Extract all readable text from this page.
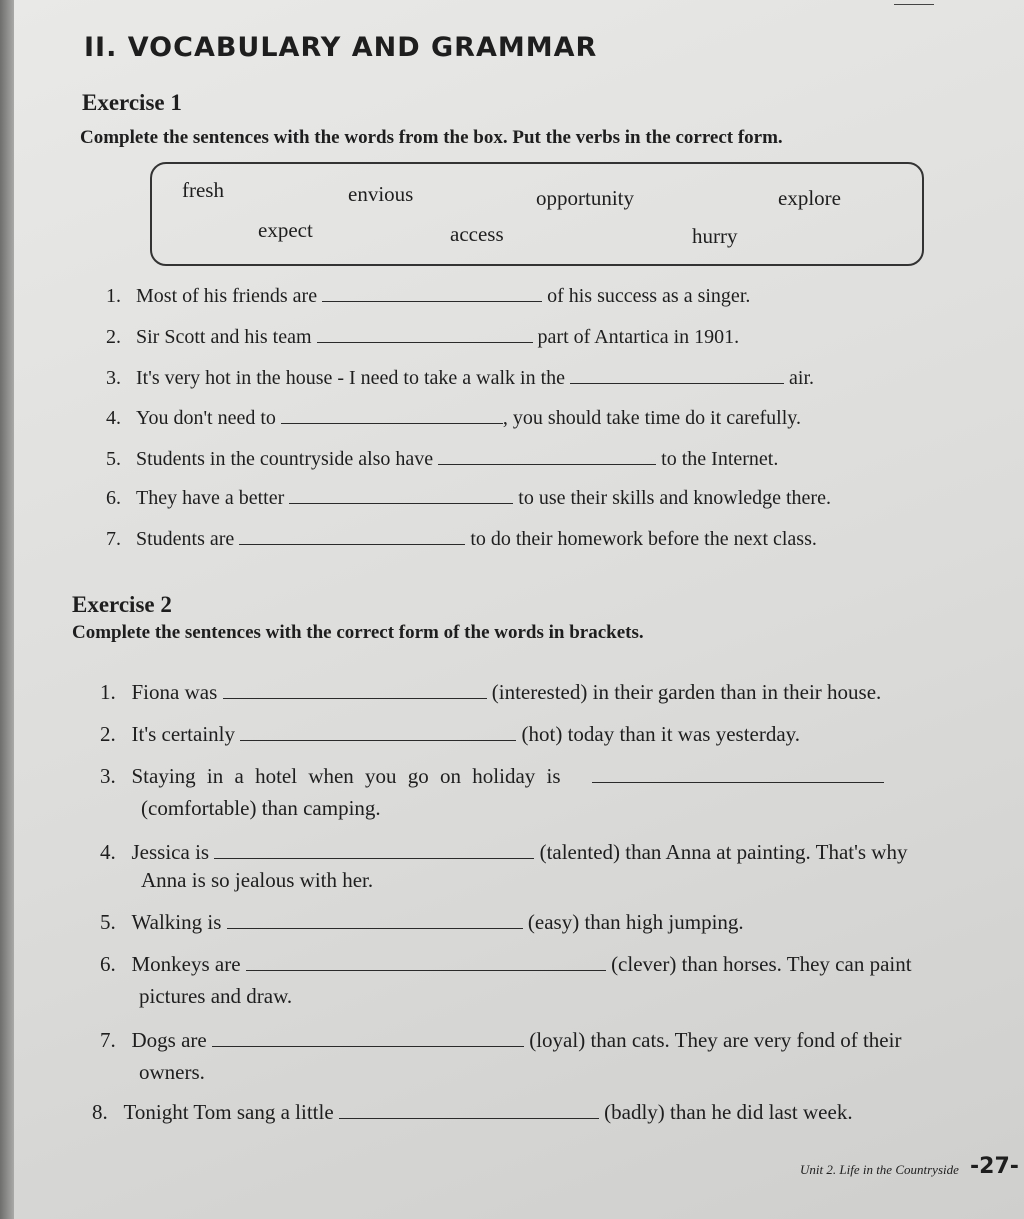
II. VOCABULARY AND GRAMMAR
Exercise 1
Complete the sentences with the words from the box. Put the verbs in the correct form.
fresh	envious	opportunity	explore
expect	access	hurry
1. Most of his friends are	of his success as a singer.
2. Sir Scott and his team	part of Antartica in 1901.
3. It's very hot in the house - I need to take a walk in the	air.
4. You don't need to	, you should take time do it carefully.
5. Students in the countryside also have	to the Internet.
6. They have a better	to use their skills and knowledge there.
7. Students are	to do their homework before the next class.
Exercise 2
Complete the sentences with the correct form of the words in brackets.
1. Fiona was	(interested) in their garden than in their house.
2. It's certainly	(hot) today than it was yesterday.
3. Staying in a hotel when you go on holiday is
(comfortable) than camping.
4. Jessica is	(talented) than Anna at painting. That's why
Anna is so jealous with her.
5. Walking is	(easy) than high jumping.
6. Monkeys are	(clever) than horses. They can paint
pictures and draw.
7. Dogs are	(loyal) than cats. They are very fond of their
owners.
8. Tonight Tom sang a little	(badly) than he did last week.
Unit 2. Life in the Countryside -27-
